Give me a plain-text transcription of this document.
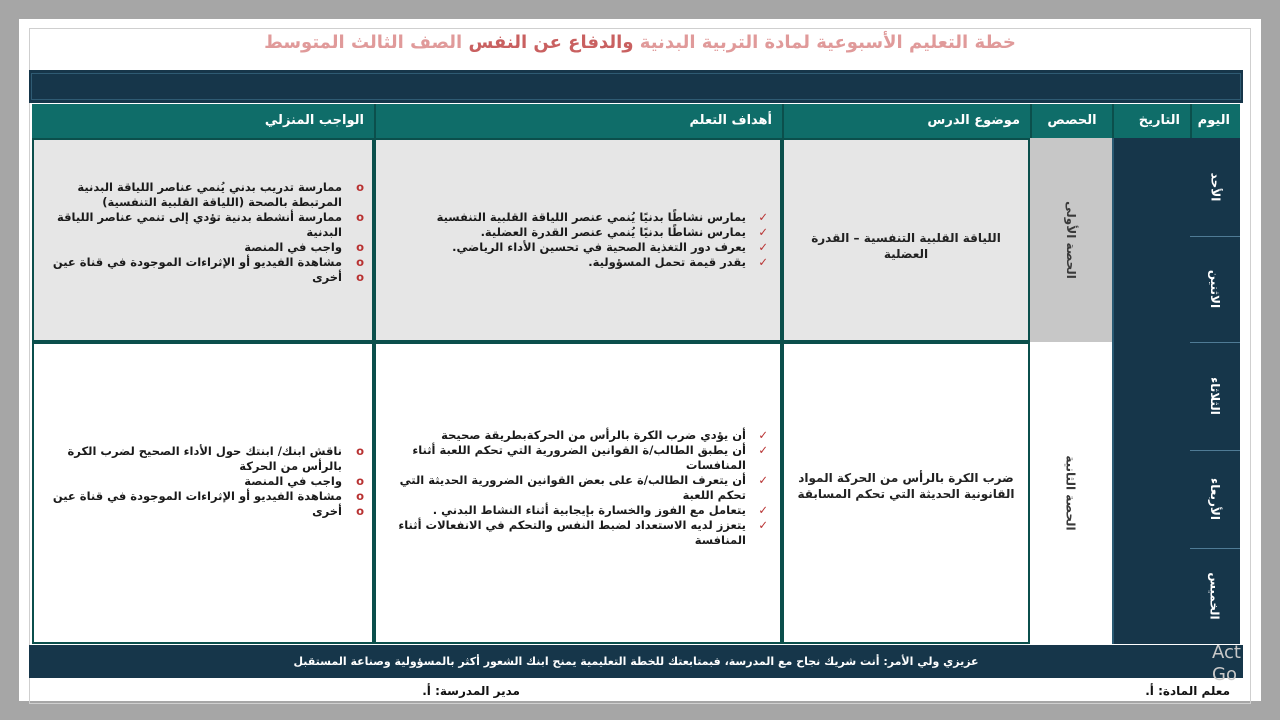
خطة التعليم الأسبوعية لمادة التربية البدنية والدفاع عن النفس الصف الثالث المتوسط
اليوم
التاريخ
الحصص
موضوع الدرس
أهداف التعلم
الواجب المنزلي
الأحد
الاثنين
الثلاثاء
الأربعاء
الخميس
الحصة الأولى
الحصة الثانية
اللياقة القلبية التنفسية – القدرة العضلية
✓
يمارس نشاطًا بدنيًا يُنمي عنصر اللياقة القلبية التنفسية
✓
يمارس نشاطًا بدنيًا يُنمي عنصر القدرة العضلية.
✓
يعرف دور التغذية الصحية في تحسين الأداء الرياضي.
✓
يقدر قيمة تحمل المسؤولية.
o
ممارسة تدريب بدني يُنمي عناصر اللياقة البدنية المرتبطة بالصحة (اللياقة القلبية التنفسية)
o
ممارسة أنشطة بدنية تؤدي إلى تنمي عناصر اللياقة البدنية
o
واجب في المنصة
o
مشاهدة الفيديو أو الإثراءات الموجودة في قناة عين
o
أخرى
ضرب الكرة بالرأس من الحركة المواد القانونية الحديثة التي تحكم المسابقة
✓
أن يؤدي ضرب الكرة بالرأس من الحركةبطريقة صحيحة
✓
أن يطبق الطالب/ة القوانين الضرورية التي تحكم اللعبة أثناء المنافسات
✓
أن يتعرف الطالب/ة على بعض القوانين الضرورية الحديثة التي تحكم اللعبة
✓
يتعامل مع الفوز والخسارة بإيجابية أثناء النشاط البدني .
✓
يتعزز لديه الاستعداد لضبط النفس والتحكم في الانفعالات أثناء المنافسة
o
ناقش ابنك/ ابنتك حول الأداء الصحيح لضرب الكرة بالرأس من الحركة
o
واجب في المنصة
o
مشاهدة الفيديو أو الإثراءات الموجودة في قناة عين
o
أخرى
عزيزي ولي الأمر: أنت شريك نجاح مع المدرسة، فبمتابعتك للخطة التعليمية يمنح ابنك الشعور أكثر بالمسؤولية وصناعة المستقبل
معلم المادة: أ.
مدير المدرسة: أ.
Act
Go
